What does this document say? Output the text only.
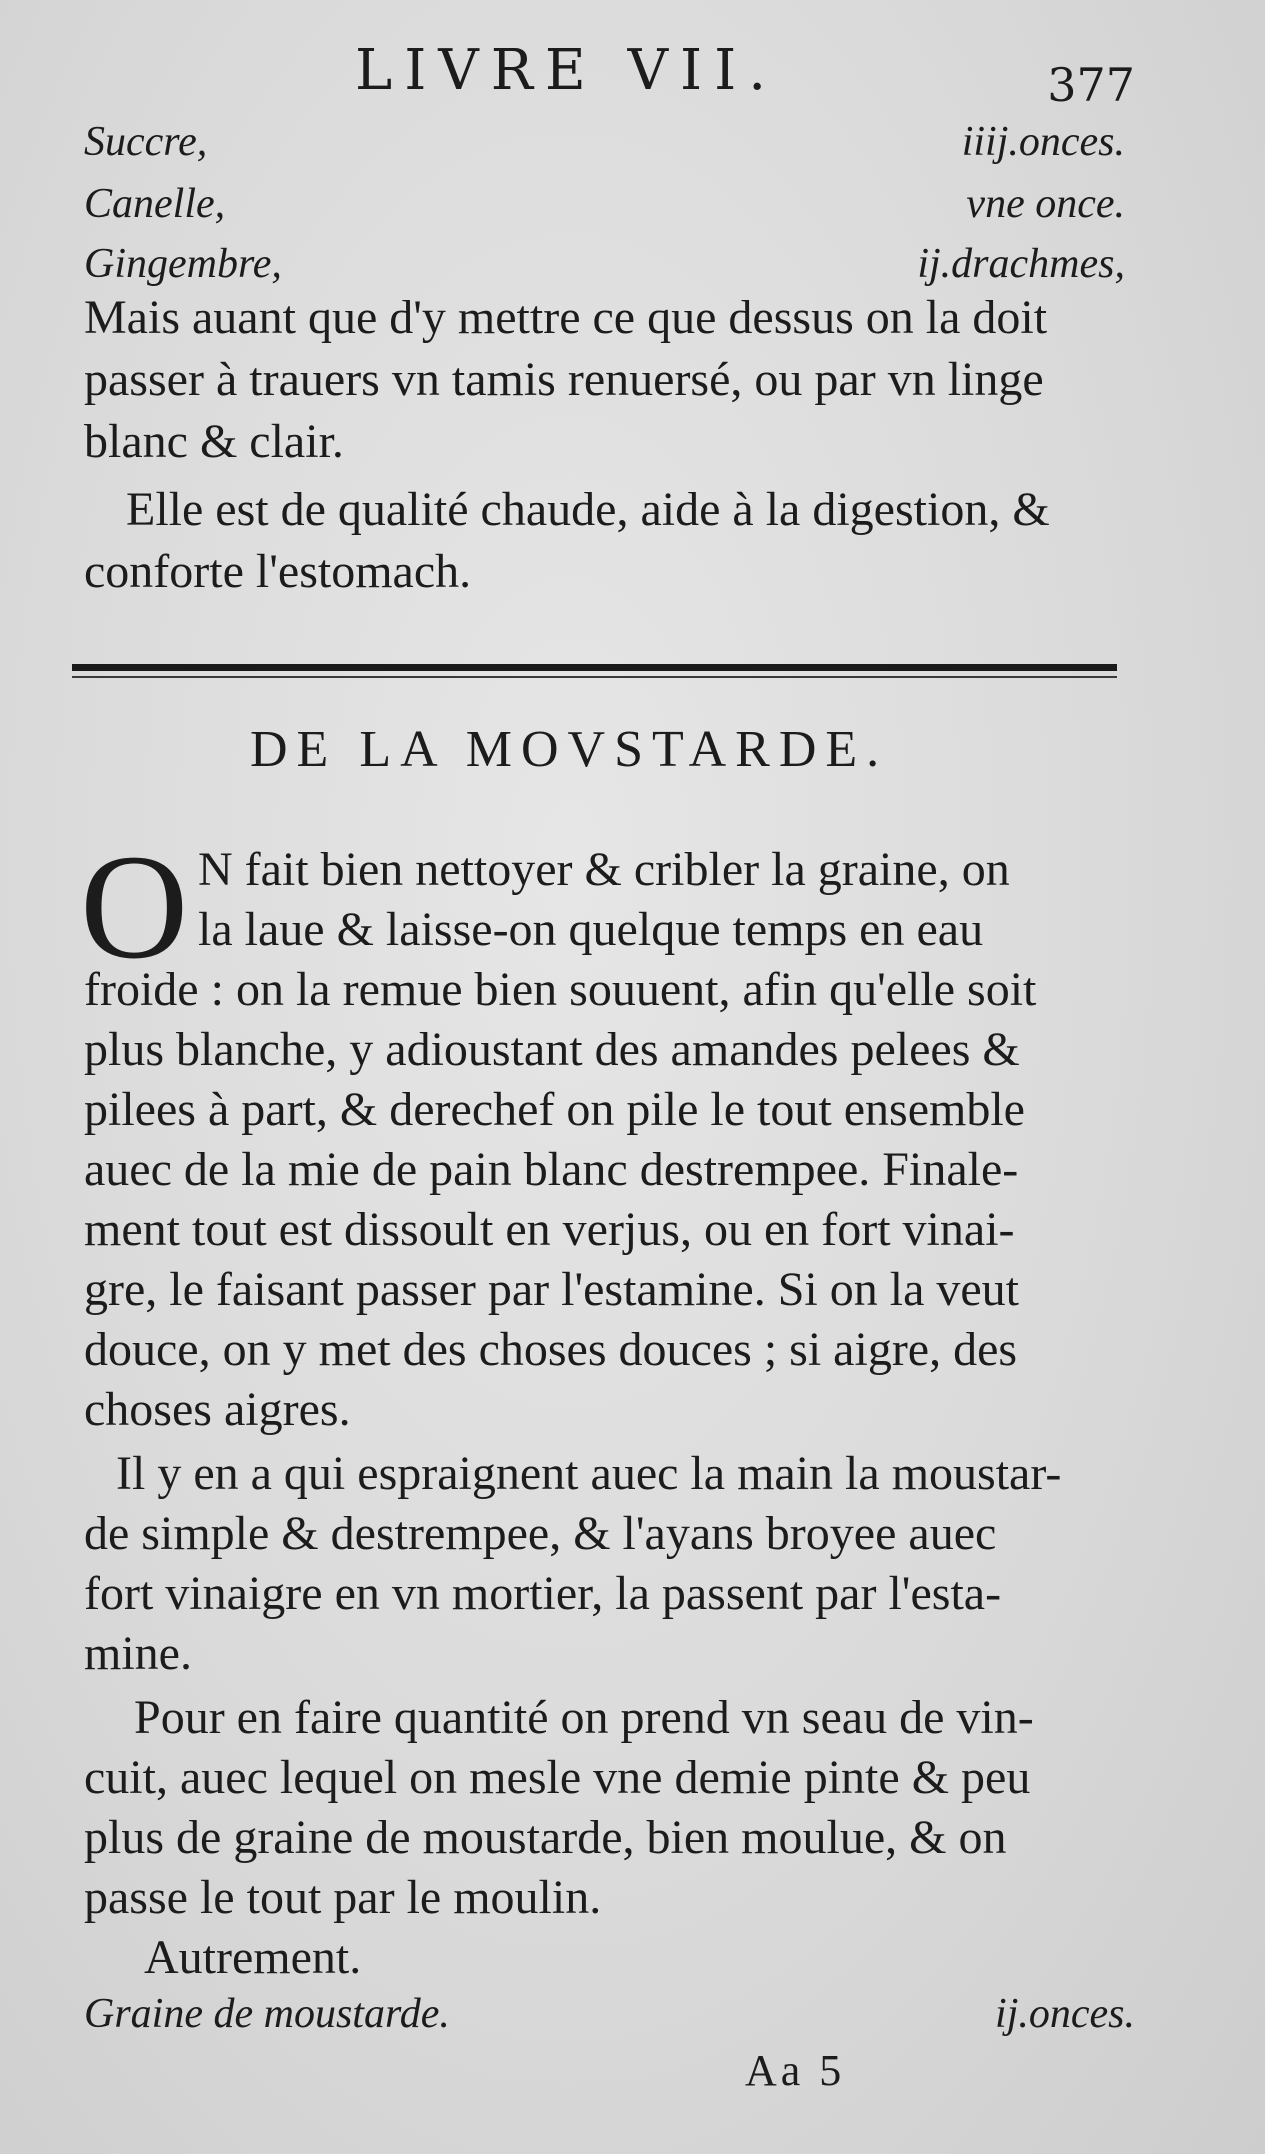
LIVRE VII.	377
Succre,	iiij.onces.
Canelle,	vne once.
Gingembre,	ij.drachmes,
Mais auant que d'y mettre ce que dessus on la doit
passer à trauers vn tamis renuersé, ou par vn linge
blanc & clair.
Elle est de qualité chaude, aide à la digestion, &
conforte l'estomach.
DE LA MOVSTARDE.
O N fait bien nettoyer & cribler la graine, on
la laue & laisse-on quelque temps en eau
froide : on la remue bien souuent, afin qu'elle soit
plus blanche, y adioustant des amandes pelees &
pilees à part, & derechef on pile le tout ensemble
auec de la mie de pain blanc destrempee. Finale-
ment tout est dissoult en verjus, ou en fort vinai-
gre, le faisant passer par l'estamine. Si on la veut
douce, on y met des choses douces ; si aigre, des
choses aigres.
Il y en a qui espraignent auec la main la moustar-
de simple & destrempee, & l'ayans broyee auec
fort vinaigre en vn mortier, la passent par l'esta-
mine.
Pour en faire quantité on prend vn seau de vin-
cuit, auec lequel on mesle vne demie pinte & peu
plus de graine de moustarde, bien moulue, & on
passe le tout par le moulin.
Autrement.
Graine de moustarde.	ij.onces.
Aa 5
